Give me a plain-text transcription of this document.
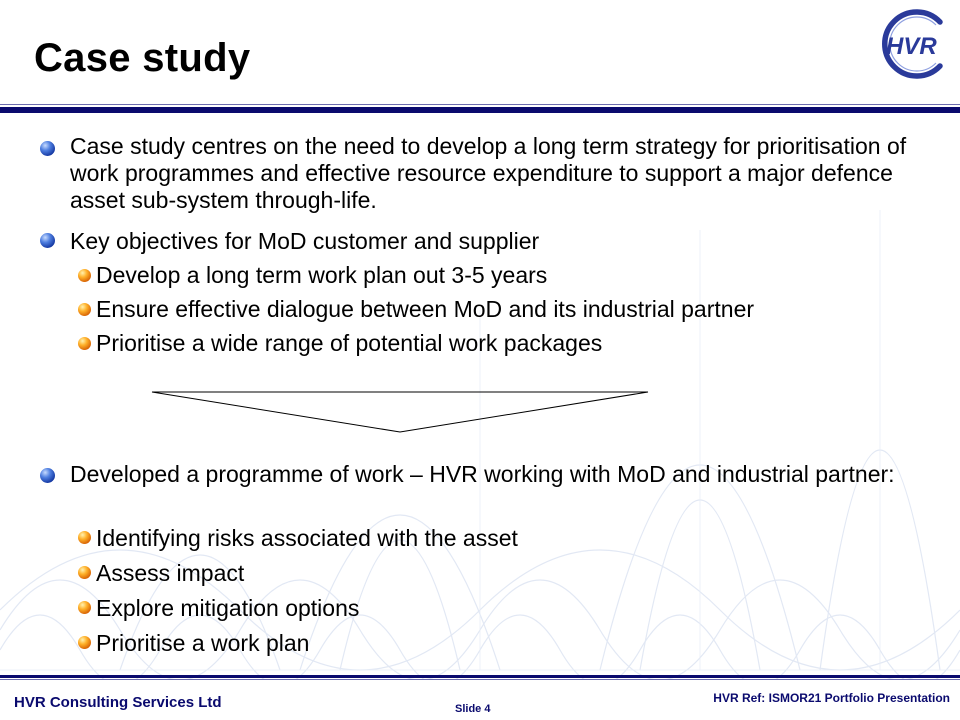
Case study	HVR

Case study centres on the need to develop a long term strategy for prioritisation of work programmes and effective resource expenditure to support a major defence asset sub-system through-life.

Key objectives for MoD customer and supplier

Develop a long term work plan out 3-5 years

Ensure effective dialogue between MoD and its industrial partner

Prioritise a wide range of potential work packages

Developed a programme of work – HVR working with MoD and industrial partner:

Identifying risks associated with the asset

Assess impact

Explore mitigation options

Prioritise a work plan

HVR Consulting Services Ltd	Slide 4
HVR Ref: ISMOR21 Portfolio Presentation
